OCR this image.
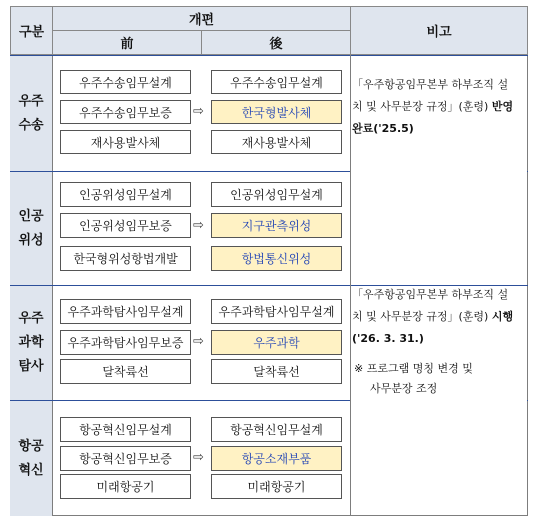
구분
개편
前	後
비고
우주
수송
우주수송임무설계
우주수송임무보증
재사용발사체
⇨
우주수송임무설계
한국형발사체
재사용발사체
인공
위성
인공위성임무설계
인공위성임무보증
한국형위성항법개발
⇨
인공위성임무설계
지구관측위성
항법통신위성
우주
과학
탐사
우주과학탐사임무설계
우주과학탐사임무보증
달착륙선
⇨
우주과학탐사임무설계
우주과학
달착륙선
항공
혁신
항공혁신임무설계
항공혁신임무보증
미래항공기
⇨
항공혁신임무설계
항공소재부품
미래항공기
「우주항공임무본부 하부조직 설
치 및 사무분장 규정」(훈령) 반영
완료('25.5)
「우주항공임무본부 하부조직 설
치 및 사무분장 규정」(훈령) 시행
('26. 3. 31.)
※ 프로그램 명칭 변경 및
사무분장 조정
